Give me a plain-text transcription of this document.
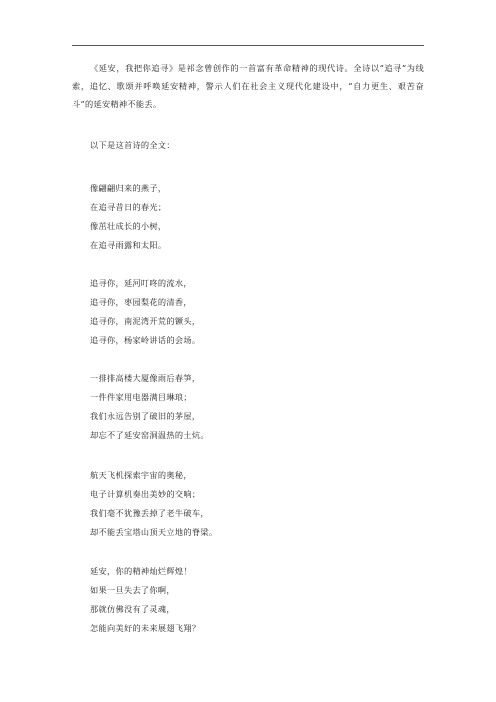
《延安，我把你追寻》是祁念曾创作的一首富有革命精神的现代诗。全诗以“追寻”为线索，追忆、歌颂并呼唤延安精神，警示人们在社会主义现代化建设中，“自力更生、艰苦奋斗”的延安精神不能丢。

以下是这首诗的全文：
像翩翩归来的燕子，
在追寻昔日的春光；
像茁壮成长的小树，
在追寻雨露和太阳。
追寻你，延河叮咚的流水，
追寻你，枣园梨花的清香，
追寻你，南泥湾开荒的镢头，
追寻你，杨家岭讲话的会场。
一排排高楼大厦像雨后春笋，
一件件家用电器满目琳琅；
我们永远告别了破旧的茅屋，
却忘不了延安窑洞温热的土炕。
航天飞机探索宇宙的奥秘，
电子计算机奏出美妙的交响；
我们毫不犹豫丢掉了老牛破车，
却不能丢宝塔山顶天立地的脊梁。
延安，你的精神灿烂辉煌！
如果一旦失去了你啊，
那就仿佛没有了灵魂，
怎能向美好的未来展翅飞翔？
